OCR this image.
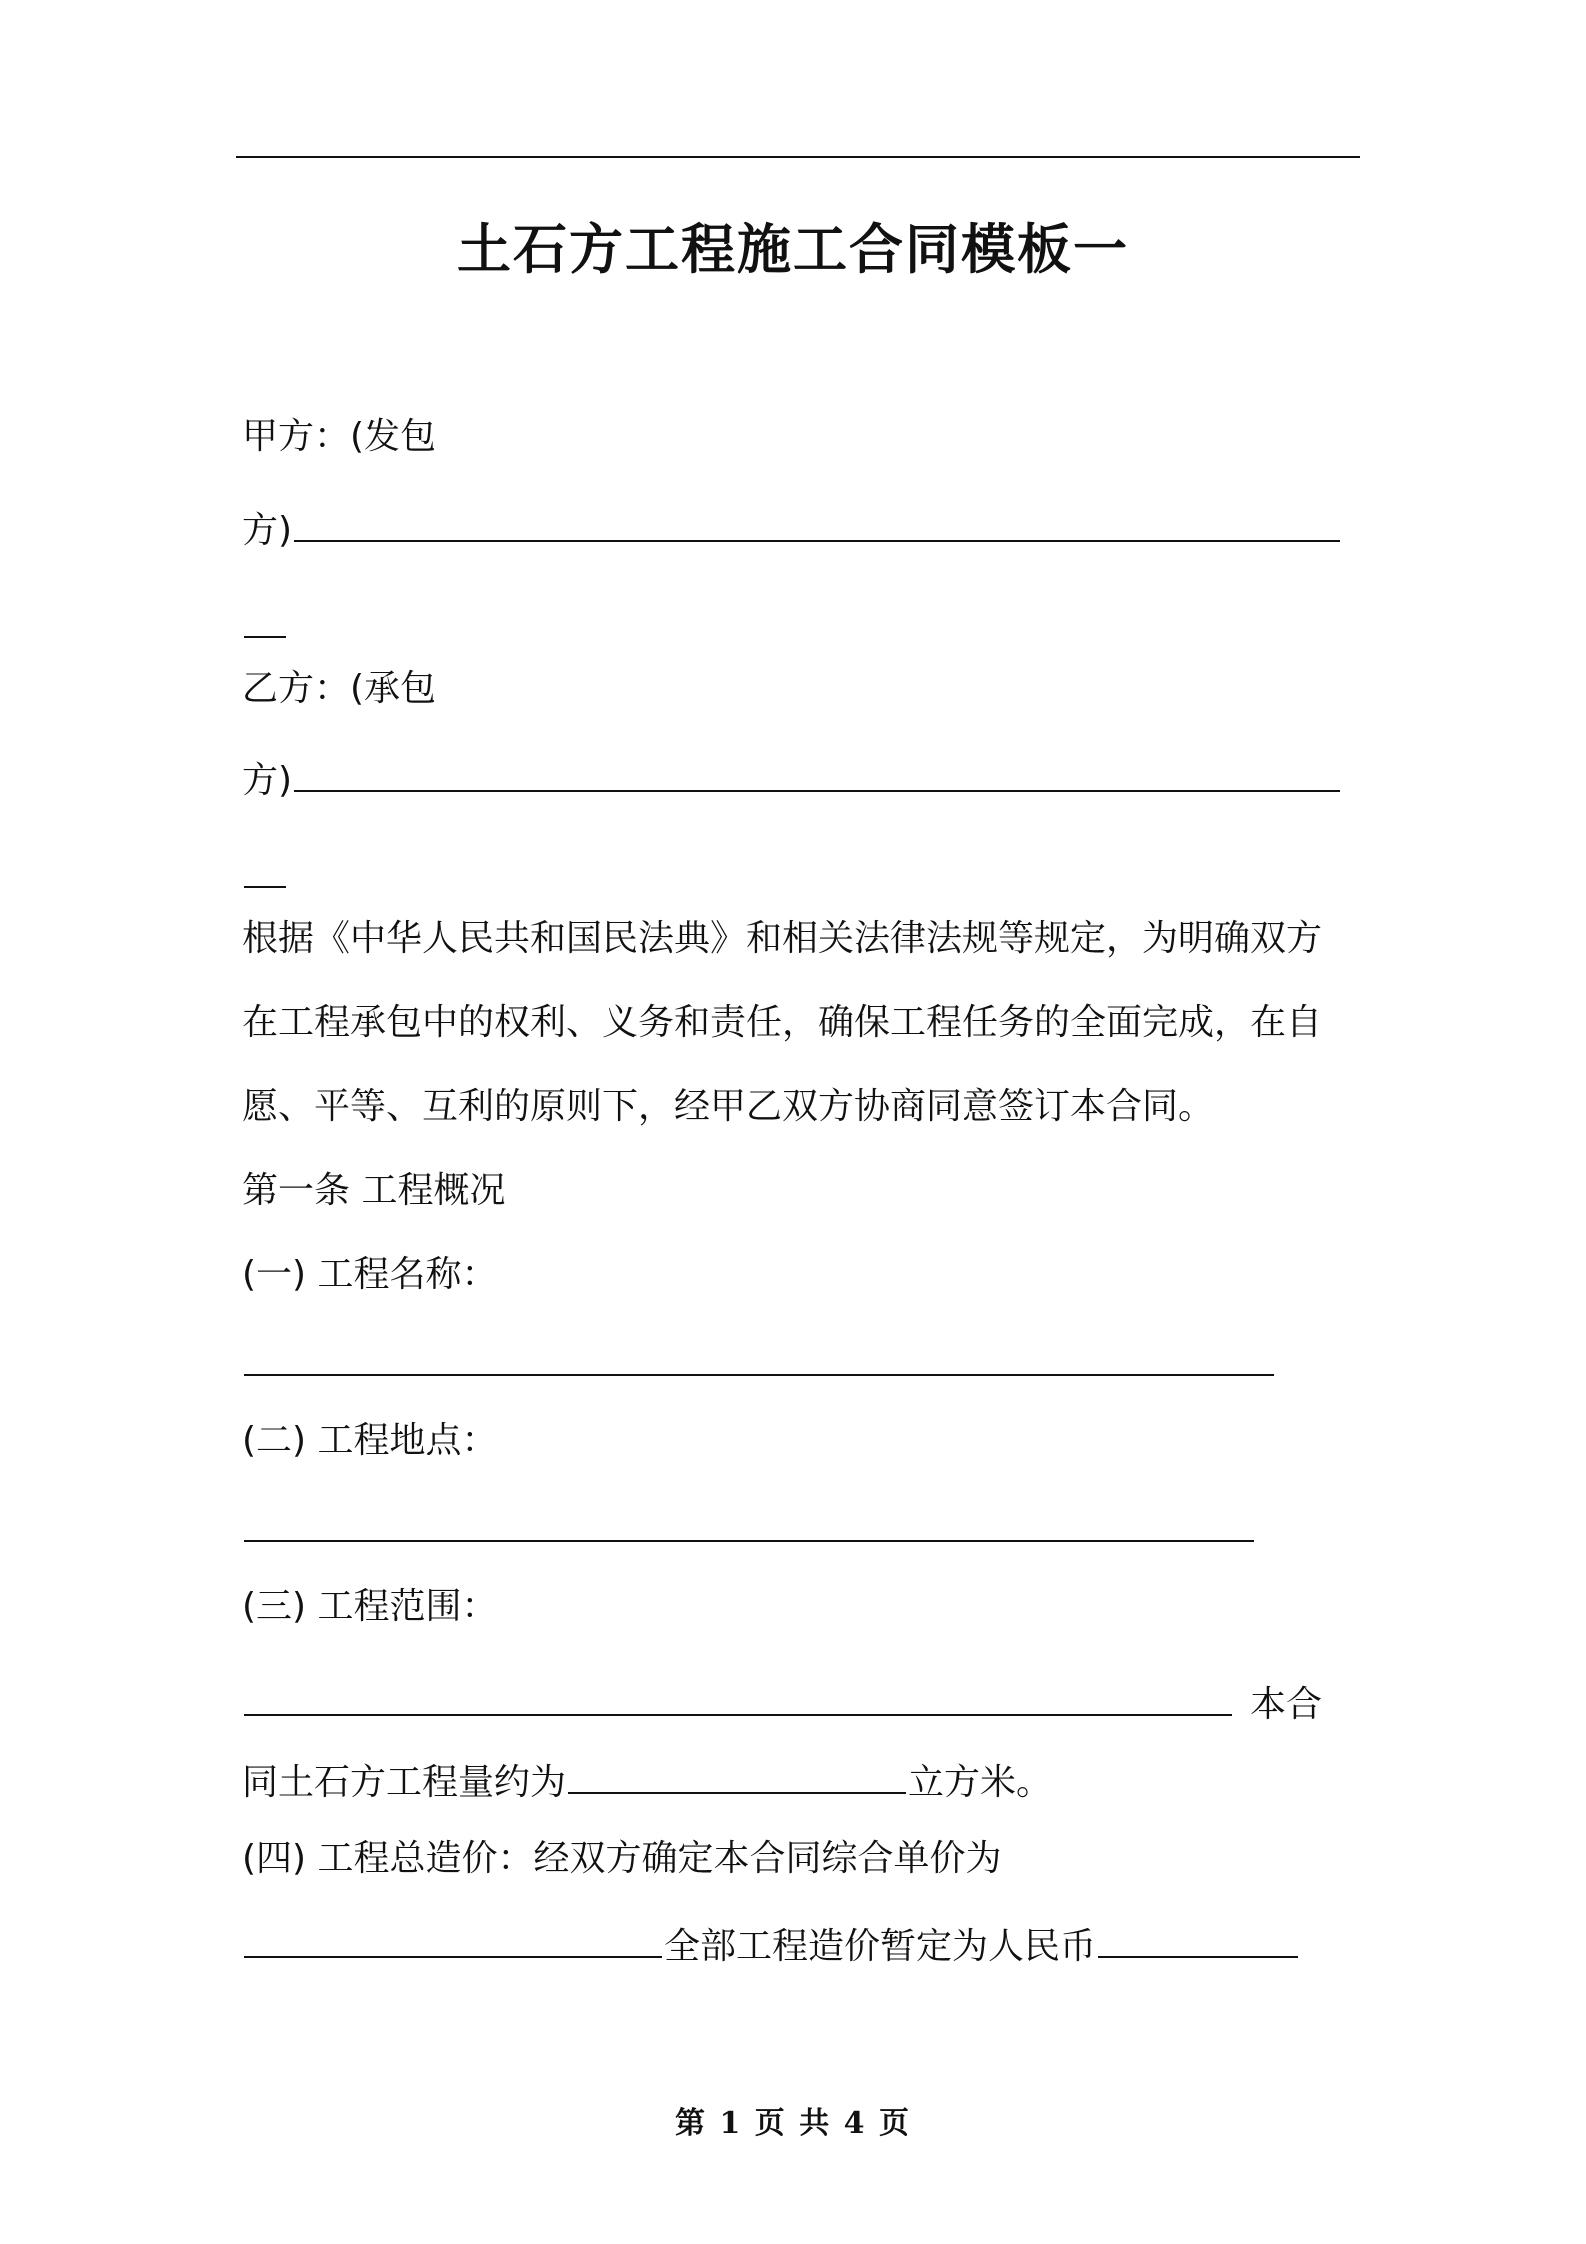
土石方工程施工合同模板一
甲方：(发包
方)
乙方：(承包
方)
根据《中华人民共和国民法典》和相关法律法规等规定，为明确双方
在工程承包中的权利、义务和责任，确保工程任务的全面完成，在自
愿、平等、互利的原则下，经甲乙双方协商同意签订本合同。
第一条 工程概况
(一) 工程名称：
(二) 工程地点：
(三) 工程范围：
本合
同土石方工程量约为	立方米。
(四) 工程总造价：经双方确定本合同综合单价为
全部工程造价暂定为人民币
第 1 页 共 4 页
